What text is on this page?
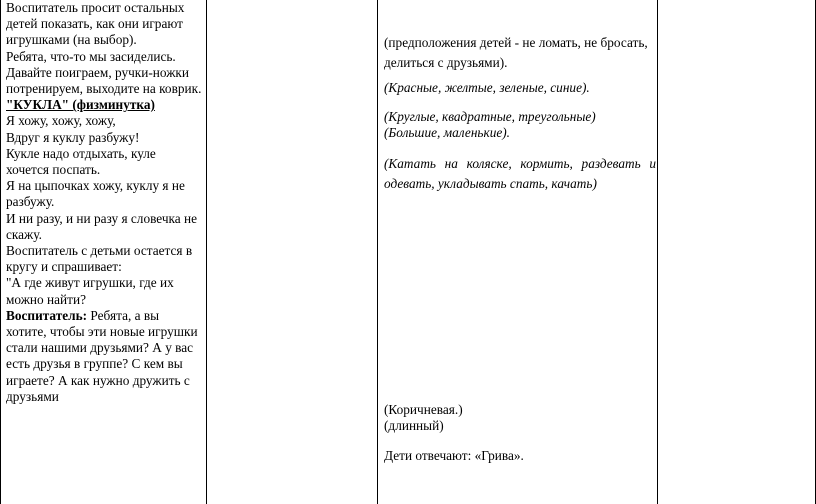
Воспитатель просит остальных детей показать, как они играют игрушками (на выбор).

Ребята, что-то мы засиделись. Давайте поиграем, ручки-ножки потренируем, выходите на коврик.

"КУКЛА" (физминутка)

Я хожу, хожу, хожу,

Вдруг я куклу разбужу!

Кукле надо отдыхать, куле хочется поспать.

Я на цыпочках хожу, куклу я не разбужу.

И ни разу, и ни разу я словечка не скажу.

Воспитатель с детьми остается в кругу и спрашивает:

"А где живут игрушки, где их можно найти?

Воспитатель: Ребята, а вы хотите, чтобы эти новые игрушки стали нашими друзьями? А у вас есть друзья в группе? С кем вы играете? А как нужно дружить с друзьями

(предположения детей - не ломать, не бросать, делиться с друзьями).

(Красные, желтые, зеленые, синие).

(Круглые, квадратные, треугольные)

(Большие, маленькие).

(Катать на коляске, кормить, раздевать и одевать, укладывать спать, качать)

(Коричневая.)

(длинный)

Дети отвечают: «Грива».
